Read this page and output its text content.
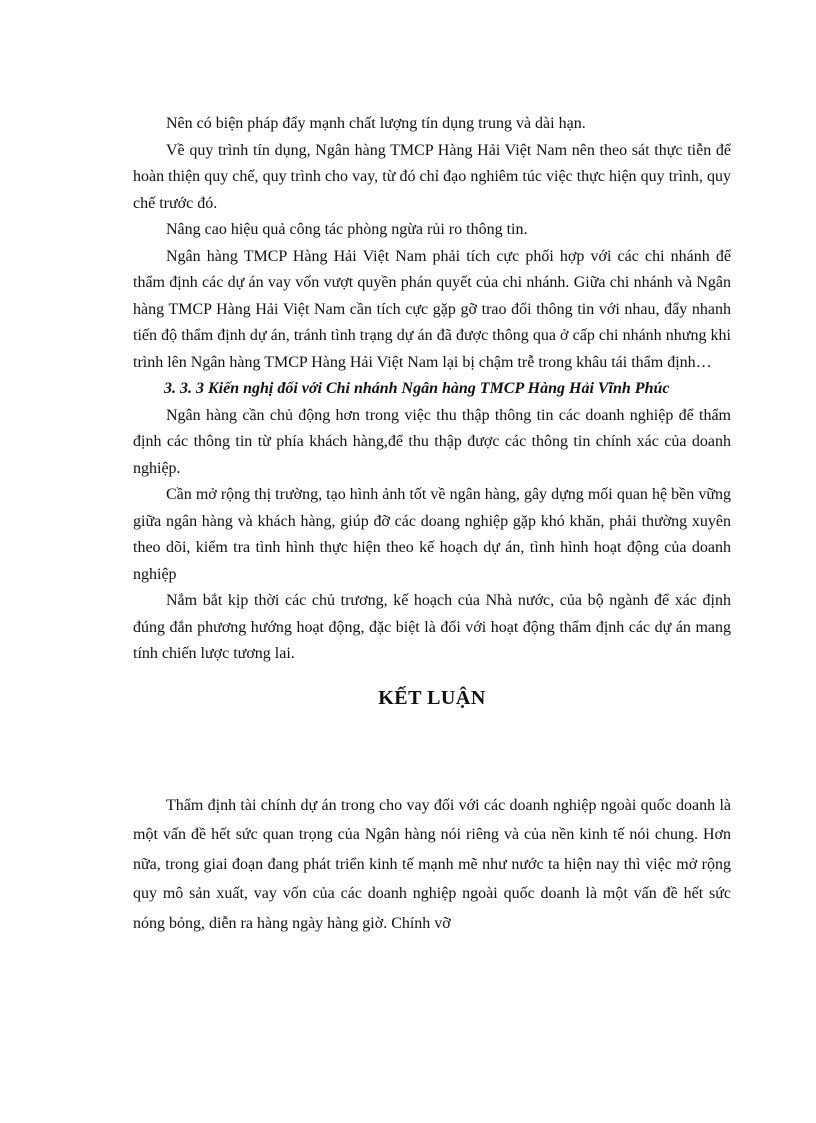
Nên có biện pháp đẩy mạnh chất lượng tín dụng trung và dài hạn.

Về quy trình tín dụng, Ngân hàng TMCP Hàng Hải Việt Nam nên theo sát thực tiễn để hoàn thiện quy chế, quy trình cho vay, từ đó chỉ đạo nghiêm túc việc thực hiện quy trình, quy chế trước đó.

Nâng cao hiệu quả công tác phòng ngừa rủi ro thông tin.

Ngân hàng TMCP Hàng Hải Việt Nam phải tích cực phối hợp với các chi nhánh để thẩm định các dự án vay vốn vượt quyền phán quyết của chi nhánh. Giữa chi nhánh và Ngân hàng TMCP Hàng Hải Việt Nam cần tích cực gặp gỡ trao đổi thông tin với nhau, đẩy nhanh tiến độ thẩm định dự án, tránh tình trạng dự án đã được thông qua ở cấp chi nhánh nhưng khi trình lên Ngân hàng TMCP Hàng Hải Việt Nam lại bị chậm trễ trong khâu tái thẩm định…

3. 3. 3 Kiến nghị đối với Chi nhánh Ngân hàng TMCP Hàng Hải Vĩnh Phúc

Ngân hàng cần chủ động hơn trong việc thu thập thông tin các doanh nghiệp để thẩm định các thông tin từ phía khách hàng,để thu thập được các thông tin chính xác của doanh nghiệp.

Cần mở rộng thị trường, tạo hình ảnh tốt về ngân hàng, gây dựng mối quan hệ bền vững giữa ngân hàng và khách hàng, giúp đỡ các doang nghiệp gặp khó khăn, phải thường xuyên theo dõi, kiểm tra tình hình thực hiện theo kế hoạch dự án, tình hình hoạt động của doanh nghiệp

Nắm bắt kịp thời các chủ trương, kế hoạch của Nhà nước, của bộ ngành để xác định đúng đắn phương hướng hoạt động, đặc biệt là đối với hoạt động thẩm định các dự án mang tính chiến lược tương lai.

KẾT LUẬN

Thẩm định tài chính dự án trong cho vay đối với các doanh nghiệp ngoài quốc doanh là một vấn đề hết sức quan trọng của Ngân hàng nói riêng và của nền kinh tế nói chung. Hơn nữa, trong giai đoạn đang phát triển kinh tế mạnh mẽ như nước ta hiện nay thì việc mở rộng quy mô sản xuất, vay vốn của các doanh nghiệp ngoài quốc doanh là một vấn đề hết sức nóng bỏng, diễn ra hàng ngày hàng giờ. Chính vỡ
